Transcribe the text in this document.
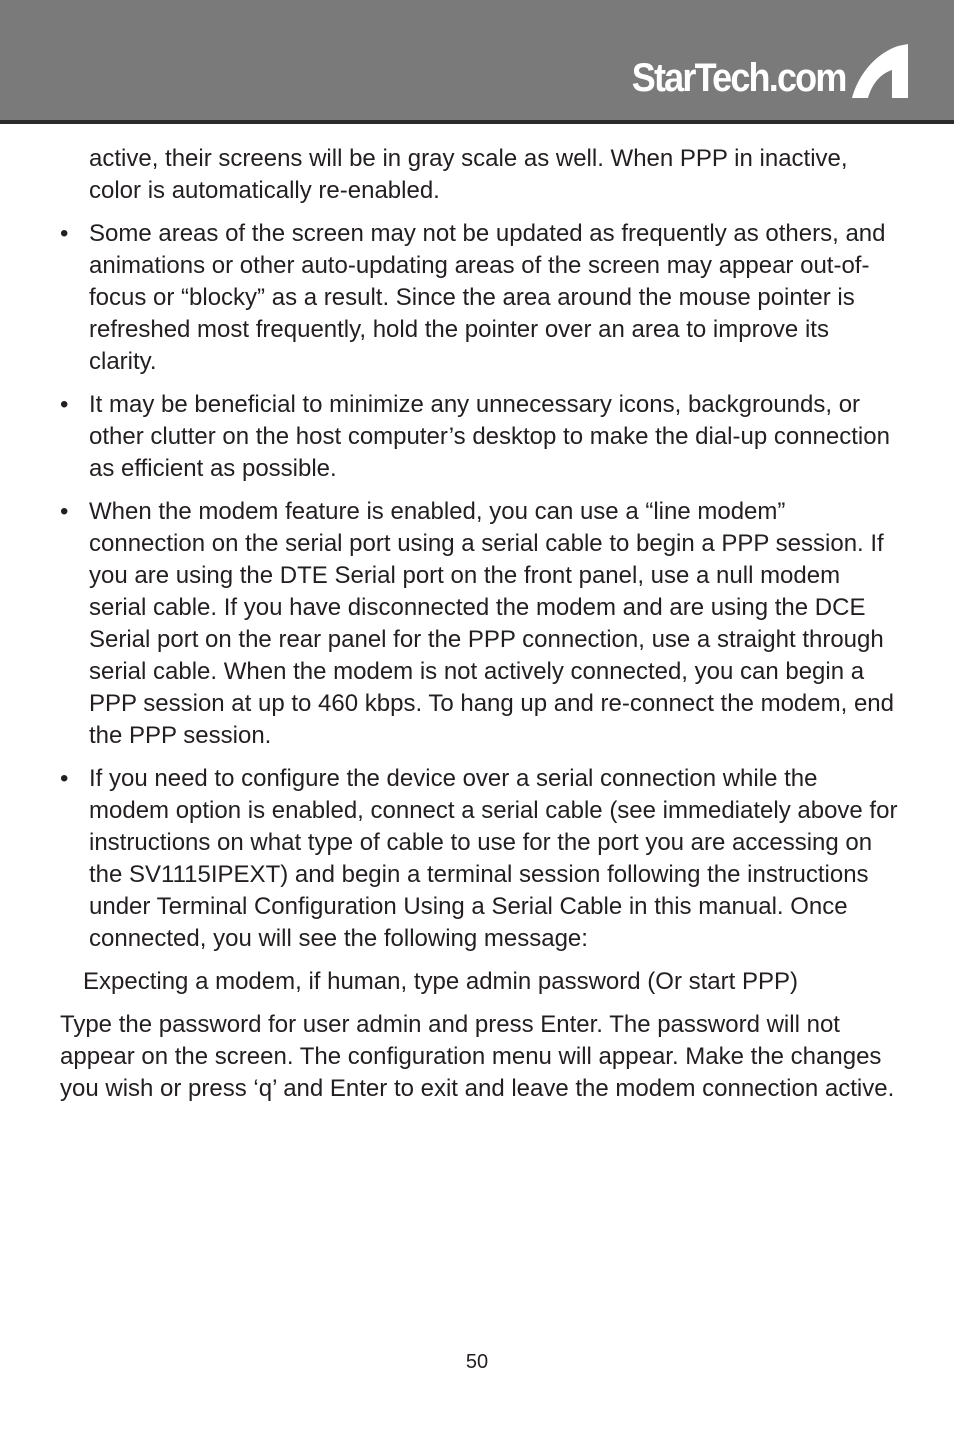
StarTech.com

active, their screens will be in gray scale as well. When PPP in inactive, color is automatically re-enabled.

• Some areas of the screen may not be updated as frequently as others, and animations or other auto-updating areas of the screen may appear out-of-focus or “blocky” as a result. Since the area around the mouse pointer is refreshed most frequently, hold the pointer over an area to improve its clarity.
• It may be beneficial to minimize any unnecessary icons, backgrounds, or other clutter on the host computer’s desktop to make the dial-up connection as efficient as possible.
• When the modem feature is enabled, you can use a “line modem” connection on the serial port using a serial cable to begin a PPP session. If you are using the DTE Serial port on the front panel, use a null modem serial cable. If you have disconnected the modem and are using the DCE Serial port on the rear panel for the PPP connection, use a straight through serial cable. When the modem is not actively connected, you can begin a PPP session at up to 460 kbps. To hang up and re-connect the modem, end the PPP session.
• If you need to configure the device over a serial connection while the modem option is enabled, connect a serial cable (see immediately above for instructions on what type of cable to use for the port you are accessing on the SV1115IPEXT) and begin a terminal session following the instructions under Terminal Configuration Using a Serial Cable in this manual. Once connected, you will see the following message:

Expecting a modem, if human, type admin password (Or start PPP)

Type the password for user admin and press Enter. The password will not appear on the screen. The configuration menu will appear. Make the changes you wish or press ‘q’ and Enter to exit and leave the modem connection active.

50
